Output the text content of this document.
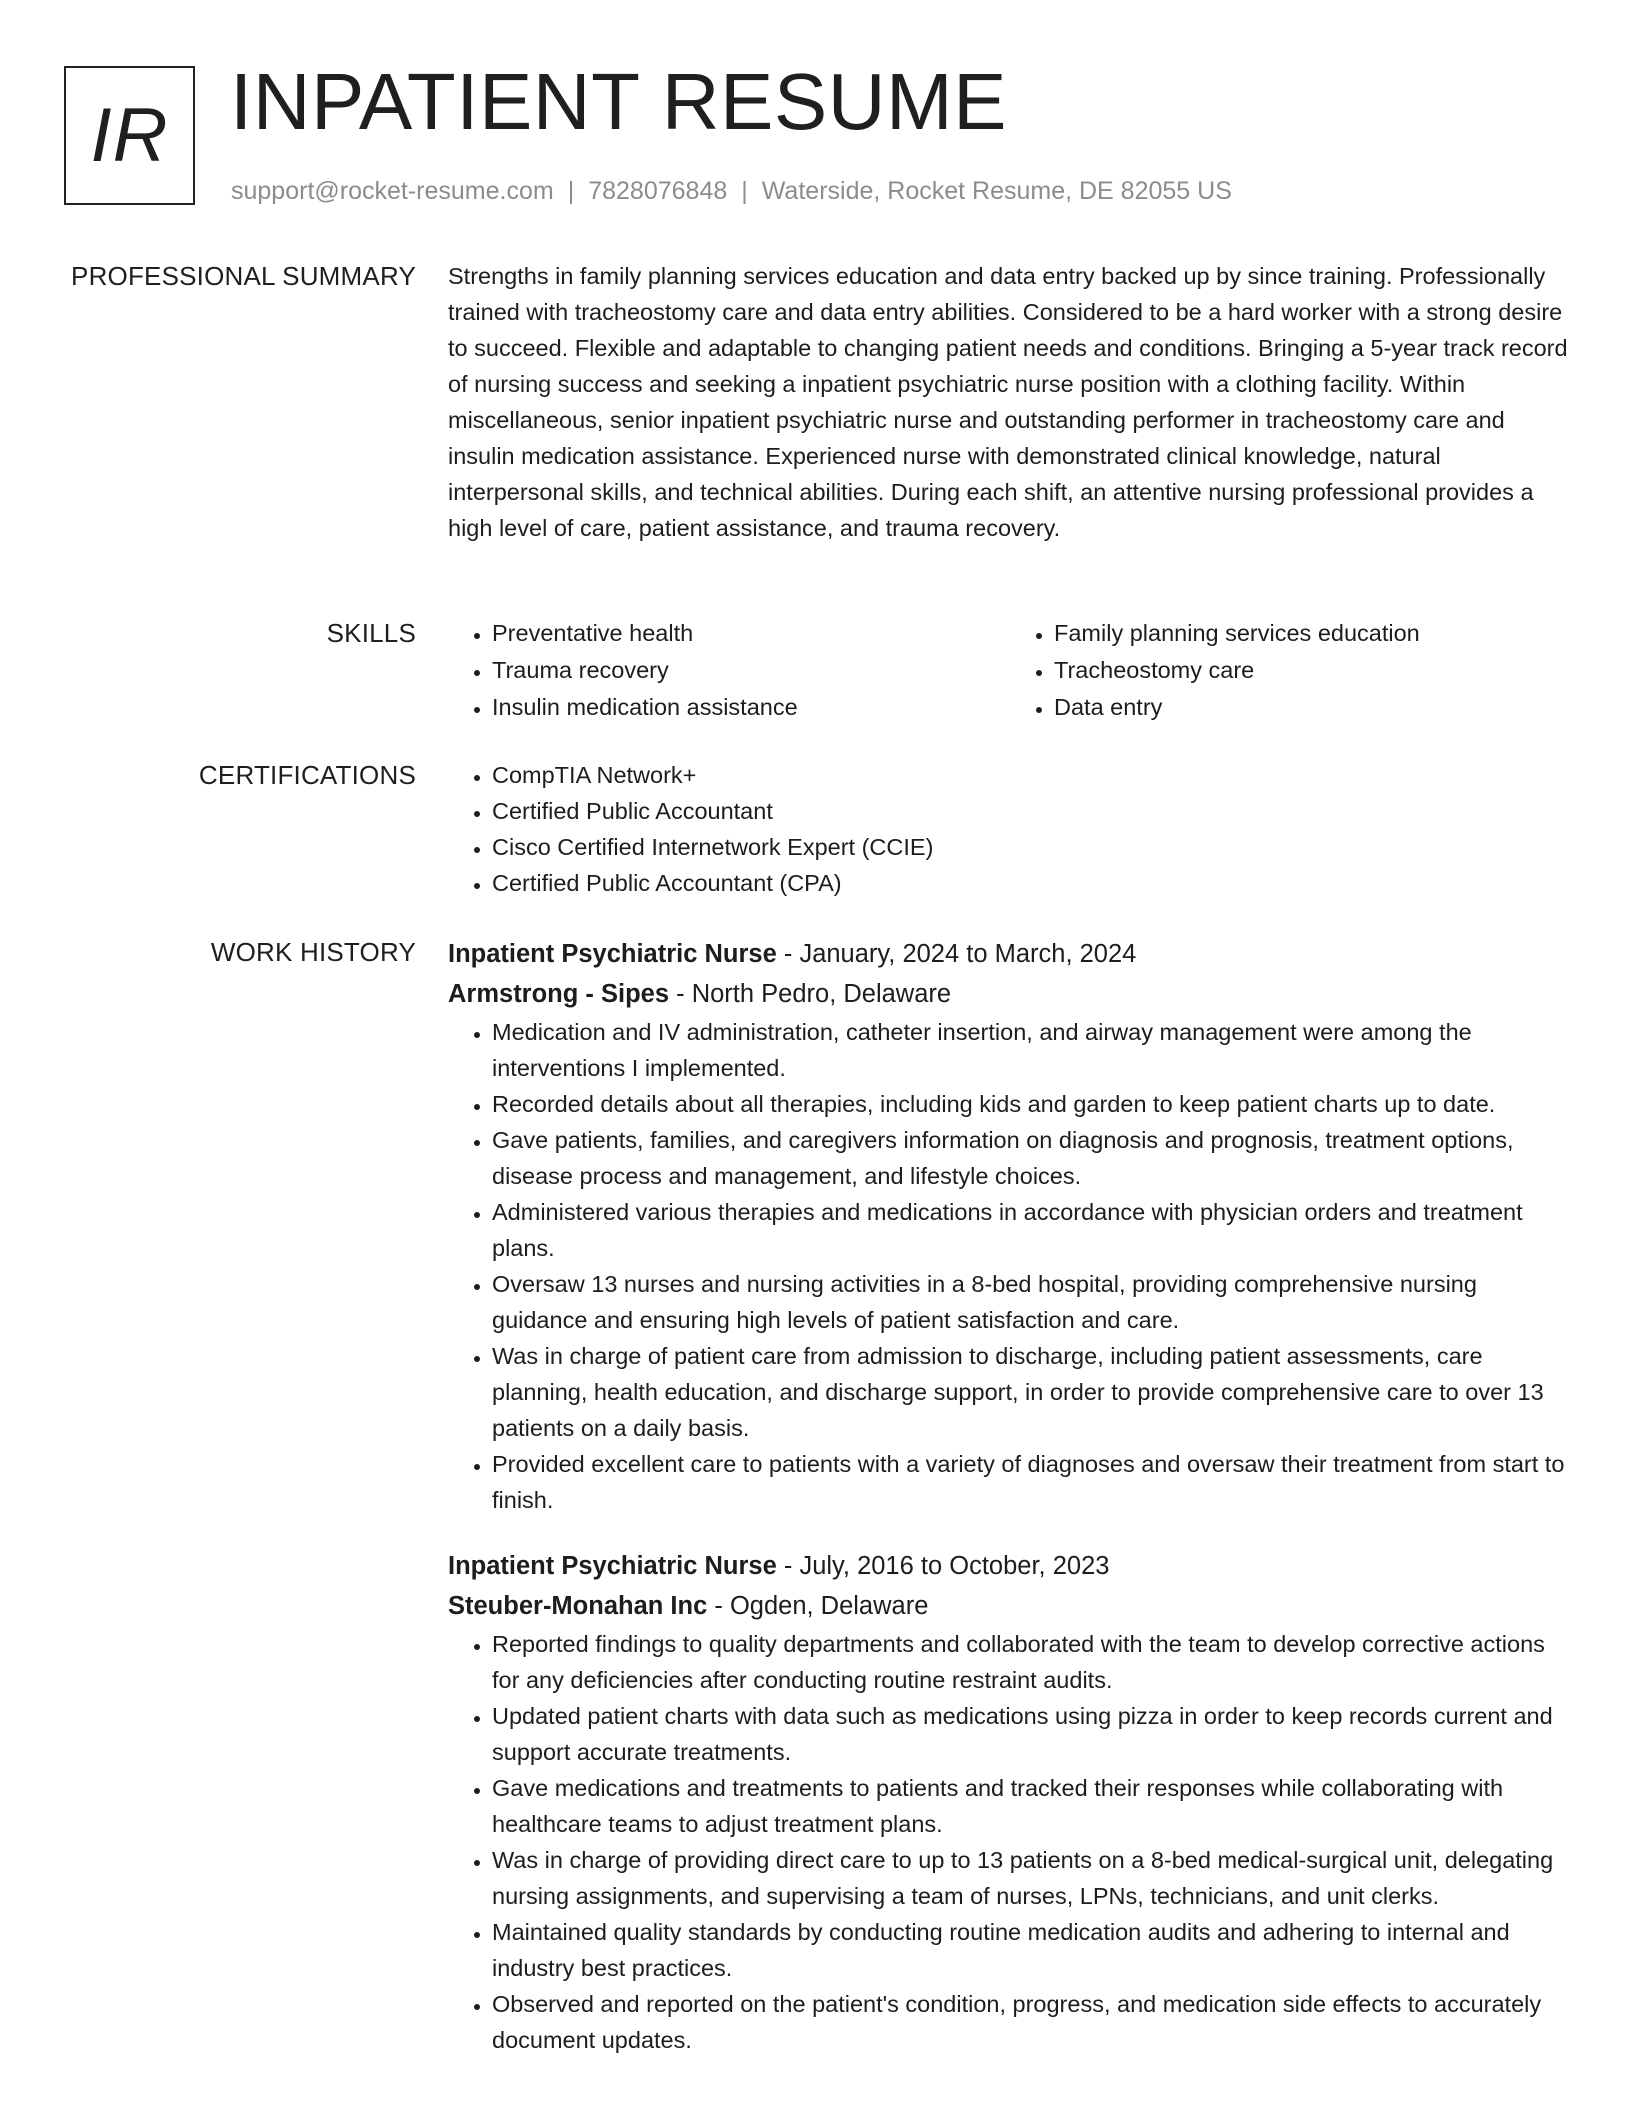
IR INPATIENT RESUME
support@rocket-resume.com | 7828076848 | Waterside, Rocket Resume, DE 82055 US
PROFESSIONAL SUMMARY Strengths in family planning services education and data entry backed up by since training. Professionally trained with tracheostomy care and data entry abilities. Considered to be a hard worker with a strong desire to succeed. Flexible and adaptable to changing patient needs and conditions. Bringing a 5-year track record of nursing success and seeking a inpatient psychiatric nurse position with a clothing facility. Within miscellaneous, senior inpatient psychiatric nurse and outstanding performer in tracheostomy care and insulin medication assistance. Experienced nurse with demonstrated clinical knowledge, natural interpersonal skills, and technical abilities. During each shift, an attentive nursing professional provides a high level of care, patient assistance, and trauma recovery.

SKILLS	• Preventative health
• Trauma recovery
• Insulin medication assistance
• Family planning services education
• Tracheostomy care
• Data entry
CERTIFICATIONS	• CompTIA Network+
• Certified Public Accountant
• Cisco Certified Internetwork Expert (CCIE)
• Certified Public Accountant (CPA)
WORK HISTORY Inpatient Psychiatric Nurse - January, 2024 to March, 2024
Armstrong - Sipes - North Pedro, Delaware
• Medication and IV administration, catheter insertion, and airway management were among the interventions I implemented.
• Recorded details about all therapies, including kids and garden to keep patient charts up to date.
• Gave patients, families, and caregivers information on diagnosis and prognosis, treatment options, disease process and management, and lifestyle choices.
• Administered various therapies and medications in accordance with physician orders and treatment plans.
• Oversaw 13 nurses and nursing activities in a 8-bed hospital, providing comprehensive nursing guidance and ensuring high levels of patient satisfaction and care.
• Was in charge of patient care from admission to discharge, including patient assessments, care planning, health education, and discharge support, in order to provide comprehensive care to over 13 patients on a daily basis.
• Provided excellent care to patients with a variety of diagnoses and oversaw their treatment from start to finish.
Inpatient Psychiatric Nurse - July, 2016 to October, 2023
Steuber-Monahan Inc - Ogden, Delaware
• Reported findings to quality departments and collaborated with the team to develop corrective actions for any deficiencies after conducting routine restraint audits.
• Updated patient charts with data such as medications using pizza in order to keep records current and support accurate treatments.
• Gave medications and treatments to patients and tracked their responses while collaborating with healthcare teams to adjust treatment plans.
• Was in charge of providing direct care to up to 13 patients on a 8-bed medical-surgical unit, delegating nursing assignments, and supervising a team of nurses, LPNs, technicians, and unit clerks.
• Maintained quality standards by conducting routine medication audits and adhering to internal and industry best practices.
• Observed and reported on the patient's condition, progress, and medication side effects to accurately document updates.
